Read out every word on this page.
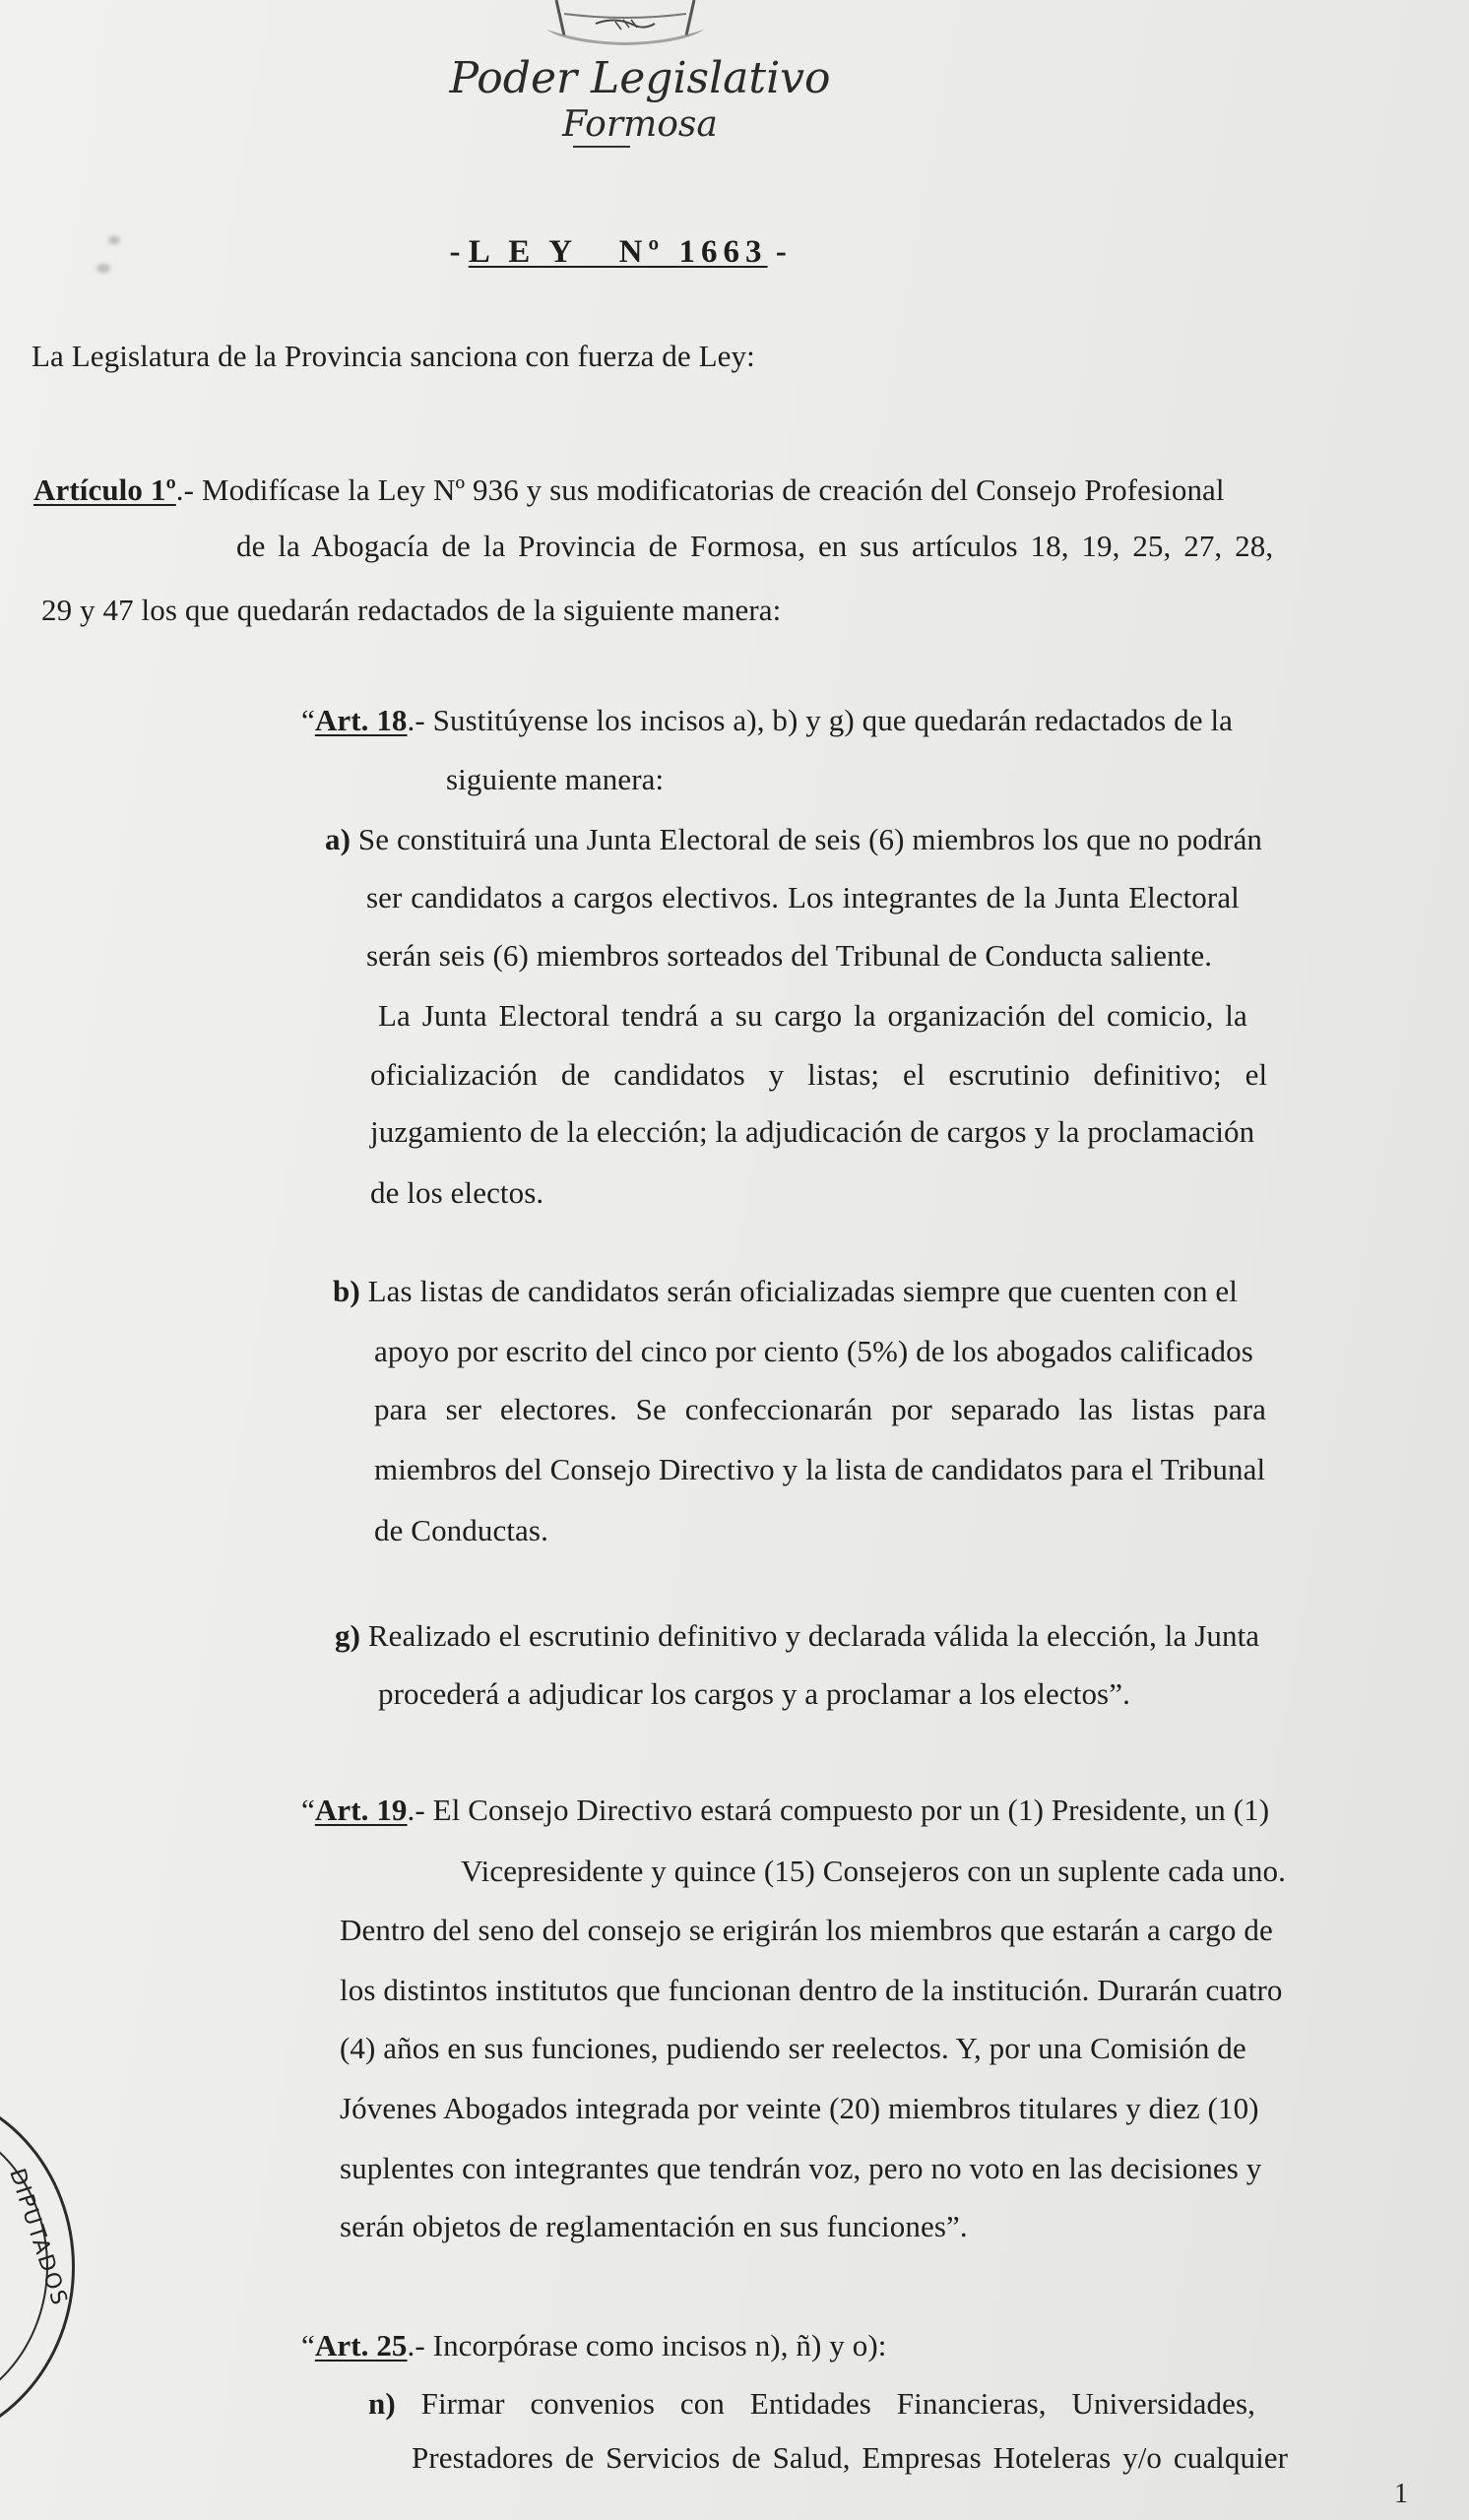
Poder Legislativo
Formosa

- L E Y   Nº 1663 -

La Legislatura de la Provincia sanciona con fuerza de Ley:
Artículo 1º.- Modifícase la Ley Nº 936 y sus modificatorias de creación del Consejo Profesional
de la Abogacía de la Provincia de Formosa, en sus artículos 18, 19, 25, 27, 28,
29 y 47 los que quedarán redactados de la siguiente manera:
“Art. 18.- Sustitúyense los incisos a), b) y g) que quedarán redactados de la
siguiente manera:
a) Se constituirá una Junta Electoral de seis (6) miembros los que no podrán
ser candidatos a cargos electivos. Los integrantes de la Junta Electoral
serán seis (6) miembros sorteados del Tribunal de Conducta saliente.
La Junta Electoral tendrá a su cargo la organización del comicio, la
oficialización de candidatos y listas; el escrutinio definitivo; el
juzgamiento de la elección; la adjudicación de cargos y la proclamación
de los electos.
b) Las listas de candidatos serán oficializadas siempre que cuenten con el
apoyo por escrito del cinco por ciento (5%) de los abogados calificados
para ser electores. Se confeccionarán por separado las listas para
miembros del Consejo Directivo y la lista de candidatos para el Tribunal
de Conductas.
g) Realizado el escrutinio definitivo y declarada válida la elección, la Junta
procederá a adjudicar los cargos y a proclamar a los electos”.
“Art. 19.- El Consejo Directivo estará compuesto por un (1) Presidente, un (1)
Vicepresidente y quince (15) Consejeros con un suplente cada uno.
Dentro del seno del consejo se erigirán los miembros que estarán a cargo de
los distintos institutos que funcionan dentro de la institución. Durarán cuatro
(4) años en sus funciones, pudiendo ser reelectos. Y, por una Comisión de
Jóvenes Abogados integrada por veinte (20) miembros titulares y diez (10)
suplentes con integrantes que tendrán voz, pero no voto en las decisiones y
serán objetos de reglamentación en sus funciones”.
“Art. 25.- Incorpórase como incisos n), ñ) y o):
n) Firmar convenios con Entidades Financieras, Universidades,
Prestadores de Servicios de Salud, Empresas Hoteleras y/o cualquier
1
DIPUTADOS
